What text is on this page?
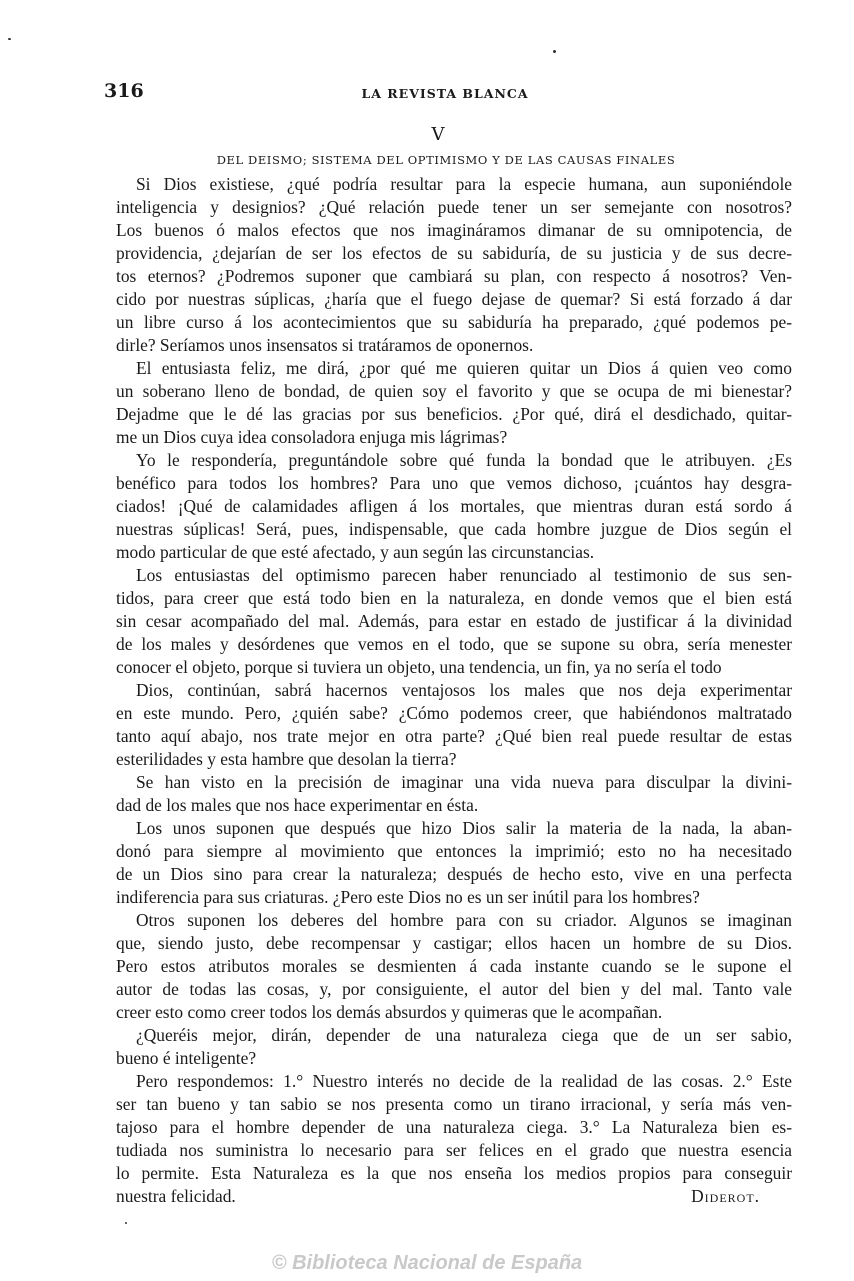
316	LA REVISTA BLANCA
V
DEL DEISMO; SISTEMA DEL OPTIMISMO Y DE LAS CAUSAS FINALES
Si Dios existiese, ¿qué podría resultar para la especie humana, aun suponiéndole
inteligencia y designios? ¿Qué relación puede tener un ser semejante con nosotros?
Los buenos ó malos efectos que nos imagináramos dimanar de su omnipotencia, de
providencia, ¿dejarían de ser los efectos de su sabiduría, de su justicia y de sus decre-
tos eternos? ¿Podremos suponer que cambiará su plan, con respecto á nosotros? Ven-
cido por nuestras súplicas, ¿haría que el fuego dejase de quemar? Si está forzado á dar
un libre curso á los acontecimientos que su sabiduría ha preparado, ¿qué podemos pe-
dirle? Seríamos unos insensatos si tratáramos de oponernos.
El entusiasta feliz, me dirá, ¿por qué me quieren quitar un Dios á quien veo como
un soberano lleno de bondad, de quien soy el favorito y que se ocupa de mi bienestar?
Dejadme que le dé las gracias por sus beneficios. ¿Por qué, dirá el desdichado, quitar-
me un Dios cuya idea consoladora enjuga mis lágrimas?
Yo le respondería, preguntándole sobre qué funda la bondad que le atribuyen. ¿Es
benéfico para todos los hombres? Para uno que vemos dichoso, ¡cuántos hay desgra-
ciados! ¡Qué de calamidades afligen á los mortales, que mientras duran está sordo á
nuestras súplicas! Será, pues, indispensable, que cada hombre juzgue de Dios según el
modo particular de que esté afectado, y aun según las circunstancias.
Los entusiastas del optimismo parecen haber renunciado al testimonio de sus sen-
tidos, para creer que está todo bien en la naturaleza, en donde vemos que el bien está
sin cesar acompañado del mal. Además, para estar en estado de justificar á la divinidad
de los males y desórdenes que vemos en el todo, que se supone su obra, sería menester
conocer el objeto, porque si tuviera un objeto, una tendencia, un fin, ya no sería el todo
Dios, continúan, sabrá hacernos ventajosos los males que nos deja experimentar
en este mundo. Pero, ¿quién sabe? ¿Cómo podemos creer, que habiéndonos maltratado
tanto aquí abajo, nos trate mejor en otra parte? ¿Qué bien real puede resultar de estas
esterilidades y esta hambre que desolan la tierra?
Se han visto en la precisión de imaginar una vida nueva para disculpar la divini-
dad de los males que nos hace experimentar en ésta.
Los unos suponen que después que hizo Dios salir la materia de la nada, la aban-
donó para siempre al movimiento que entonces la imprimió; esto no ha necesitado
de un Dios sino para crear la naturaleza; después de hecho esto, vive en una perfecta
indiferencia para sus criaturas. ¿Pero este Dios no es un ser inútil para los hombres?
Otros suponen los deberes del hombre para con su criador. Algunos se imaginan
que, siendo justo, debe recompensar y castigar; ellos hacen un hombre de su Dios.
Pero estos atributos morales se desmienten á cada instante cuando se le supone el
autor de todas las cosas, y, por consiguiente, el autor del bien y del mal. Tanto vale
creer esto como creer todos los demás absurdos y quimeras que le acompañan.
¿Queréis mejor, dirán, depender de una naturaleza ciega que de un ser sabio,
bueno é inteligente?
Pero respondemos: 1.° Nuestro interés no decide de la realidad de las cosas. 2.° Este
ser tan bueno y tan sabio se nos presenta como un tirano irracional, y sería más ven-
tajoso para el hombre depender de una naturaleza ciega. 3.° La Naturaleza bien es-
tudiada nos suministra lo necesario para ser felices en el grado que nuestra esencia
lo permite. Esta Naturaleza es la que nos enseña los medios propios para conseguir
nuestra felicidad.	Diderot.
© Biblioteca Nacional de España
